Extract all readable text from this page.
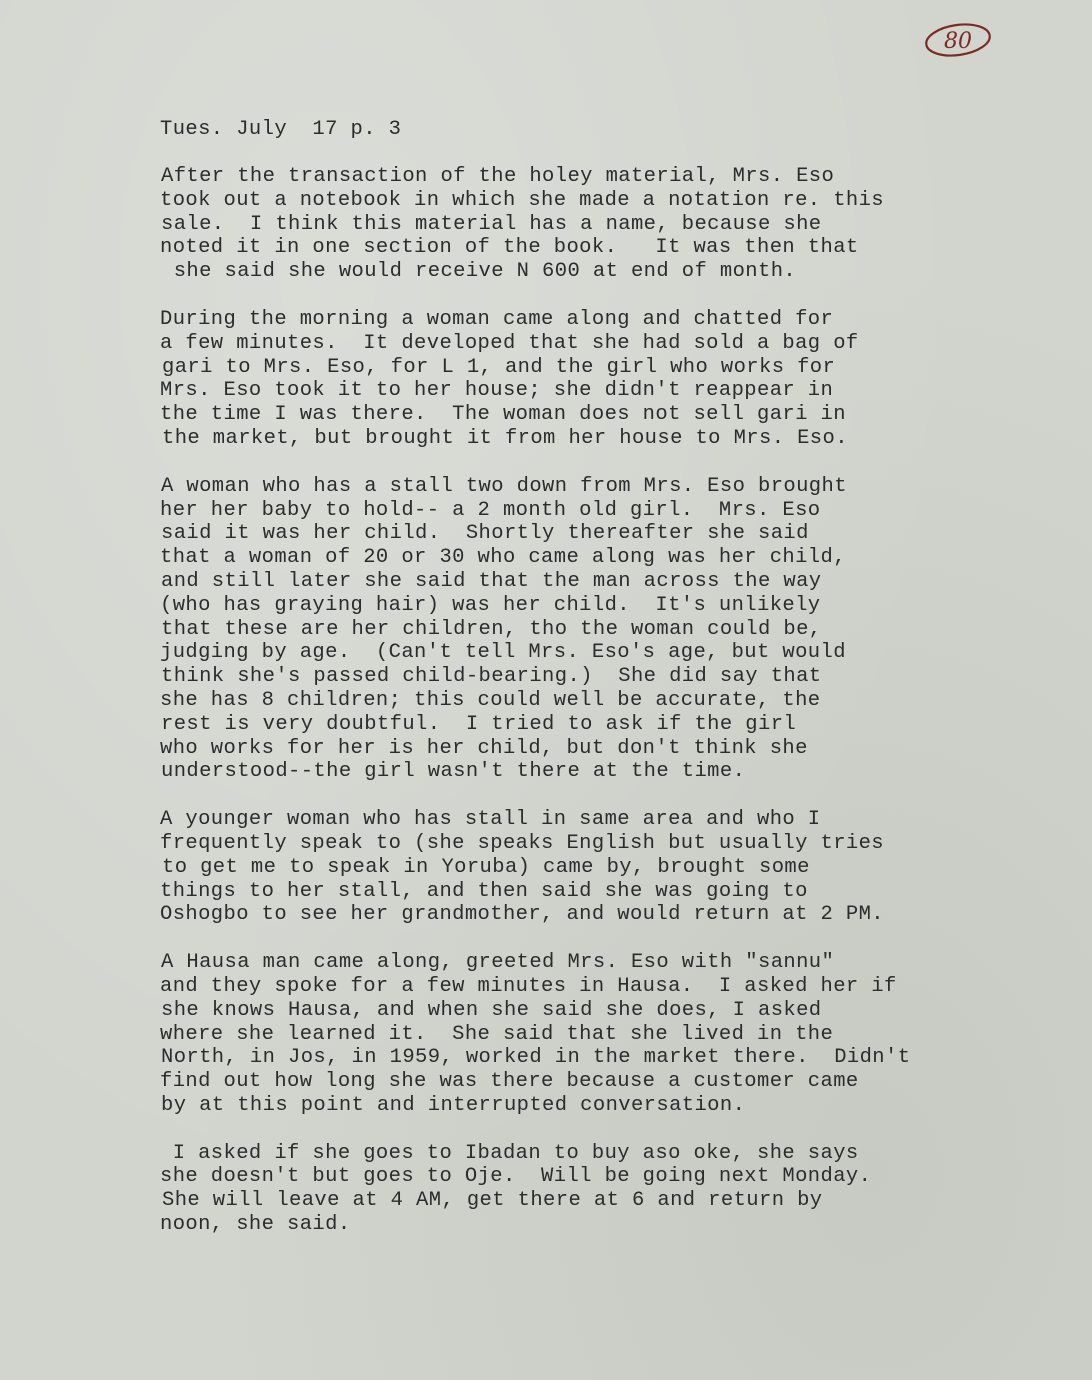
80
Tues. July  17 p. 3
After the transaction of the holey material, Mrs. Eso
took out a notebook in which she made a notation re. this
sale.  I think this material has a name, because she
noted it in one section of the book.   It was then that
she said she would receive N 600 at end of month.
During the morning a woman came along and chatted for
a few minutes.  It developed that she had sold a bag of
gari to Mrs. Eso, for L 1, and the girl who works for
Mrs. Eso took it to her house; she didn't reappear in
the time I was there.  The woman does not sell gari in
the market, but brought it from her house to Mrs. Eso.
A woman who has a stall two down from Mrs. Eso brought
her her baby to hold-- a 2 month old girl.  Mrs. Eso
said it was her child.  Shortly thereafter she said
that a woman of 20 or 30 who came along was her child,
and still later she said that the man across the way
(who has graying hair) was her child.  It's unlikely
that these are her children, tho the woman could be,
judging by age.  (Can't tell Mrs. Eso's age, but would
think she's passed child-bearing.)  She did say that
she has 8 children; this could well be accurate, the
rest is very doubtful.  I tried to ask if the girl
who works for her is her child, but don't think she
understood--the girl wasn't there at the time.
A younger woman who has stall in same area and who I
frequently speak to (she speaks English but usually tries
to get me to speak in Yoruba) came by, brought some
things to her stall, and then said she was going to
Oshogbo to see her grandmother, and would return at 2 PM.
A Hausa man came along, greeted Mrs. Eso with "sannu"
and they spoke for a few minutes in Hausa.  I asked her if
she knows Hausa, and when she said she does, I asked
where she learned it.  She said that she lived in the
North, in Jos, in 1959, worked in the market there.  Didn't
find out how long she was there because a customer came
by at this point and interrupted conversation.
I asked if she goes to Ibadan to buy aso oke, she says
she doesn't but goes to Oje.  Will be going next Monday.
She will leave at 4 AM, get there at 6 and return by
noon, she said.
